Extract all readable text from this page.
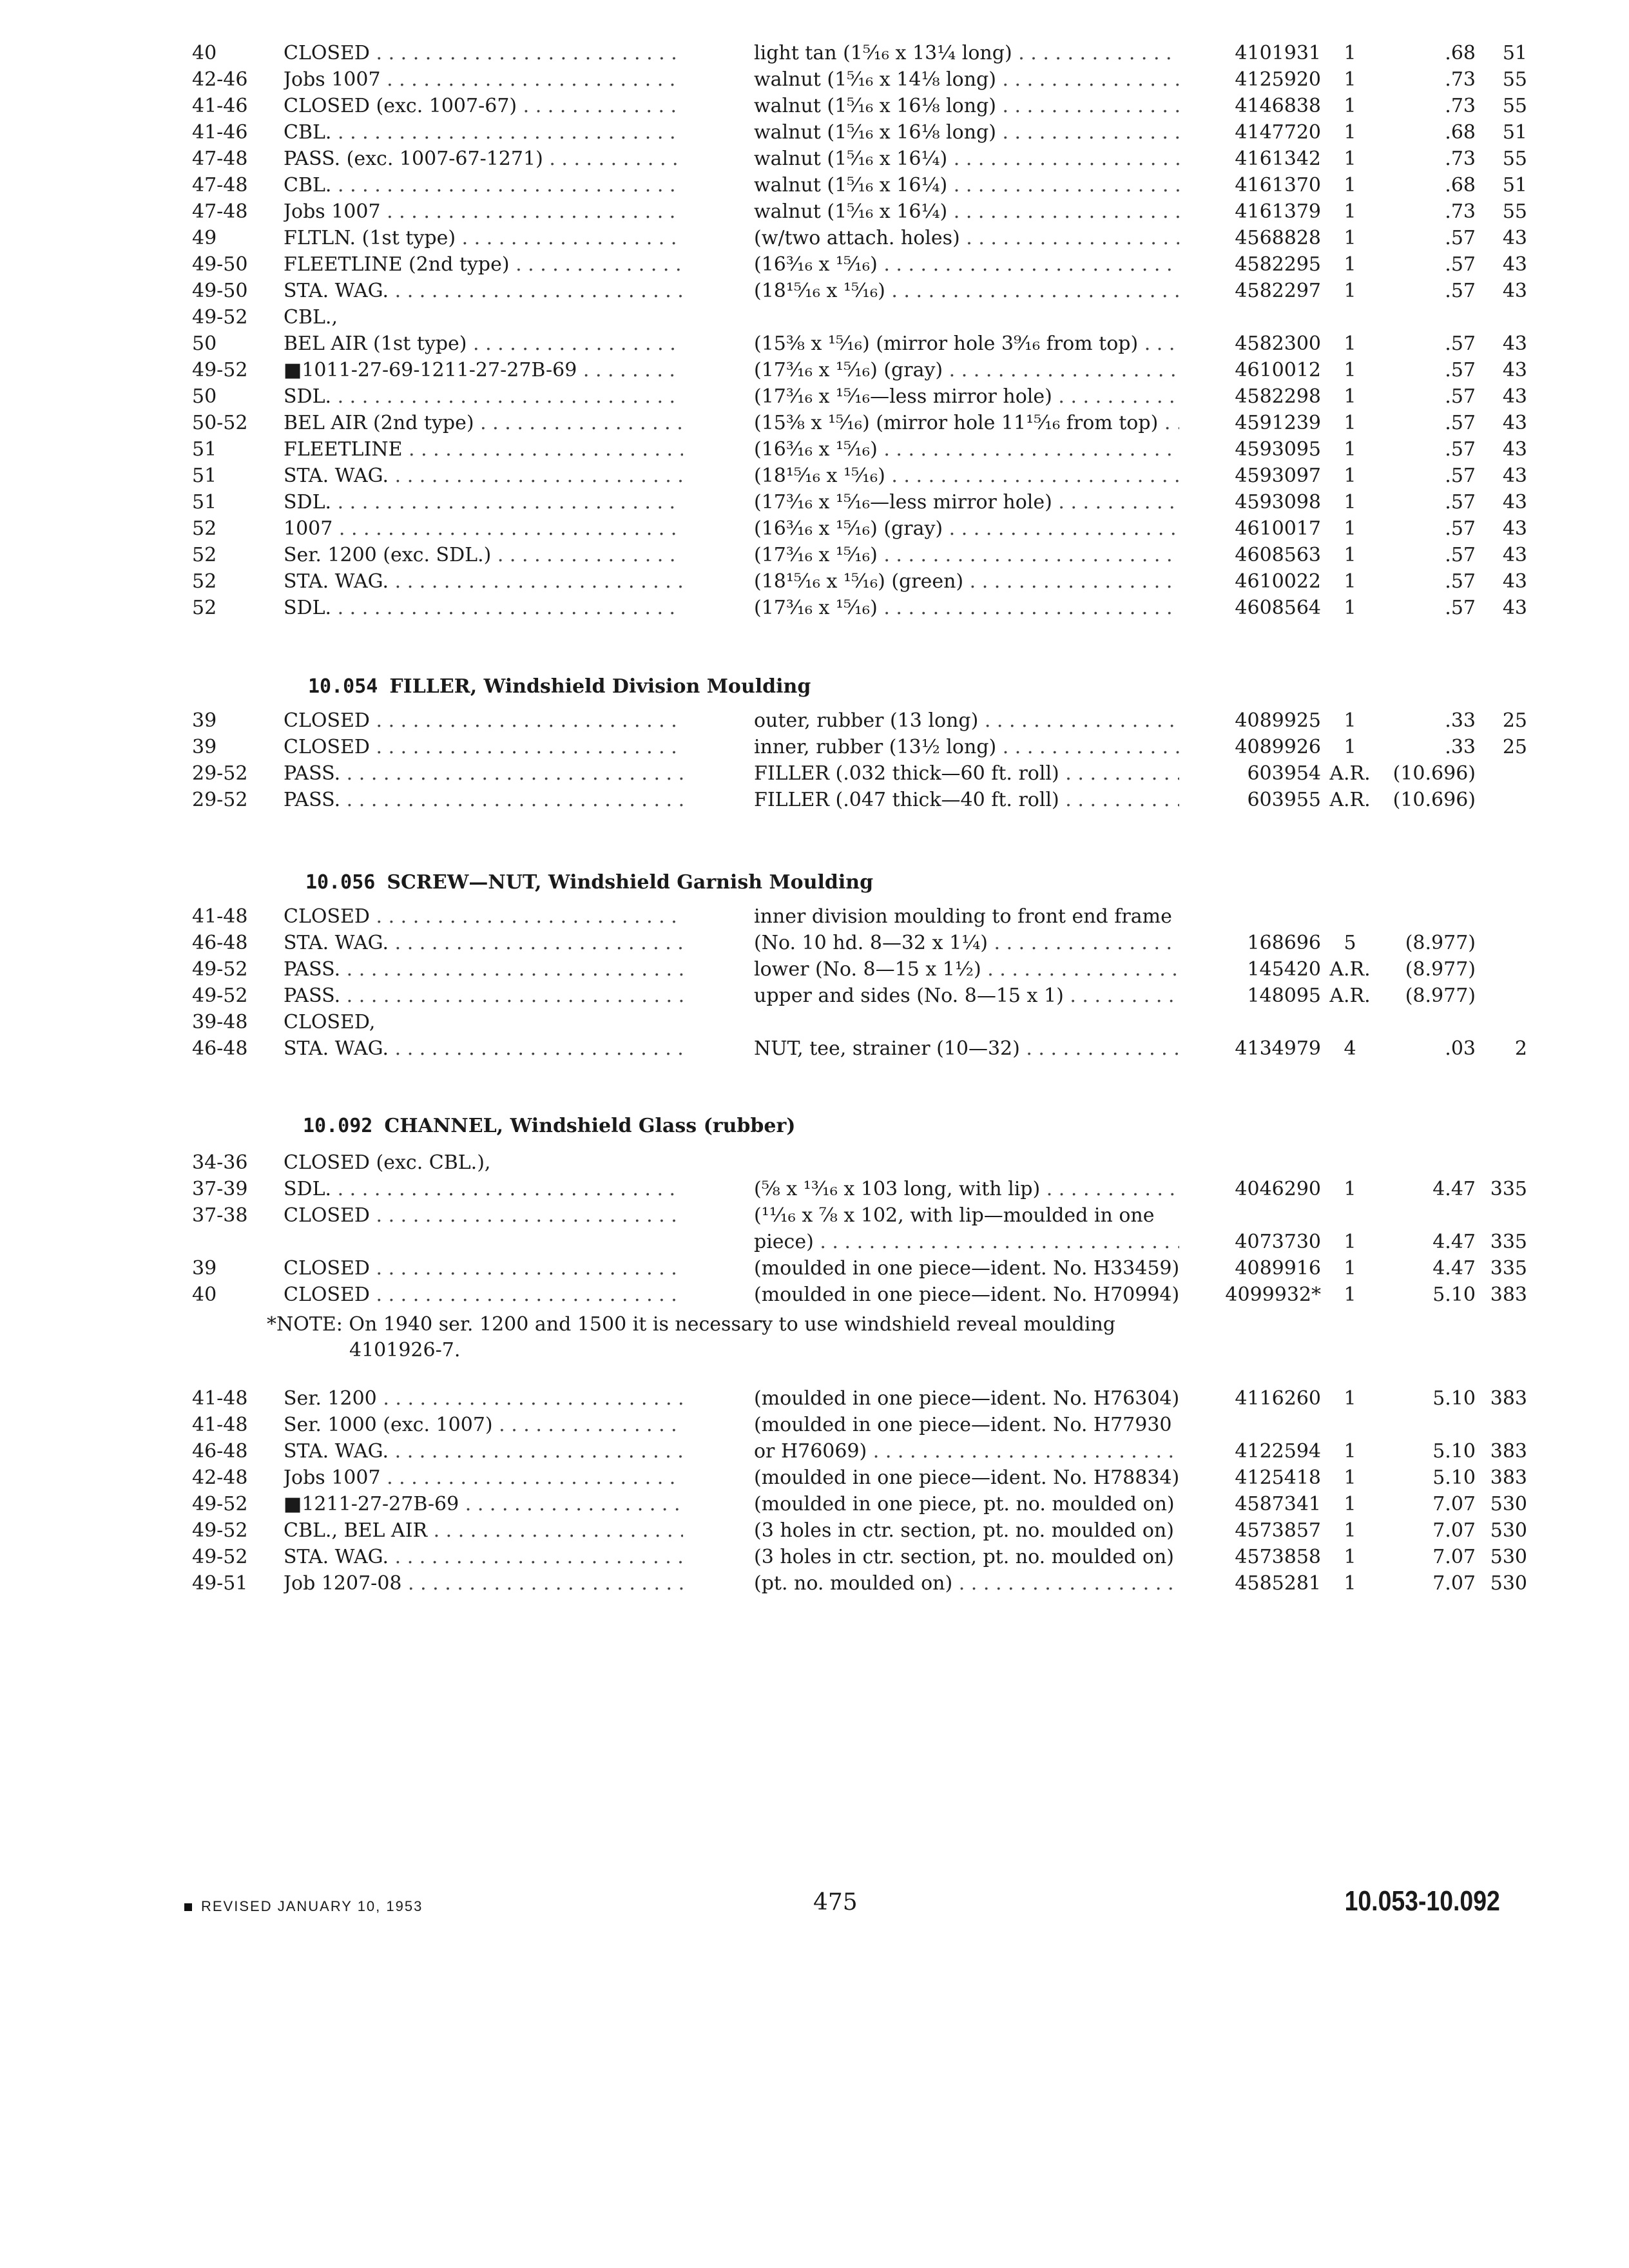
40	CLOSED . . .	light tan (1⁵⁄₁₆ x 13¼ long) . . .	4101931	1	.68	51
42-46	Jobs 1007 . . .	walnut (1⁵⁄₁₆ x 14⅛ long) . . .	4125920	1	.73	55
41-46	CLOSED (exc. 1007-67) . . .	walnut (1⁵⁄₁₆ x 16⅛ long) . . .	4146838	1	.73	55
41-46	CBL. . . .	walnut (1⁵⁄₁₆ x 16⅛ long) . . .	4147720	1	.68	51
47-48	PASS. (exc. 1007-67-1271) . . .	walnut (1⁵⁄₁₆ x 16¼) . . .	4161342	1	.73	55
47-48	CBL. . . .	walnut (1⁵⁄₁₆ x 16¼) . . .	4161370	1	.68	51
47-48	Jobs 1007 . . .	walnut (1⁵⁄₁₆ x 16¼) . . .	4161379	1	.73	55
49	FLTLN. (1st type) . . .	(w/two attach. holes) . . .	4568828	1	.57	43
49-50	FLEETLINE (2nd type) . . .	(16³⁄₁₆ x ¹⁵⁄₁₆) . . .	4582295	1	.57	43
49-50	STA. WAG. . . .	(18¹⁵⁄₁₆ x ¹⁵⁄₁₆) . . .	4582297	1	.57	43
49-52	CBL.,
50	BEL AIR (1st type) . . .	(15⅜ x ¹⁵⁄₁₆) (mirror hole 3⁹⁄₁₆ from top) . . .	4582300	1	.57	43
49-52	■1011-27-69-1211-27-27B-69 . . .	(17³⁄₁₆ x ¹⁵⁄₁₆) (gray) . . .	4610012	1	.57	43
50	SDL. . . .	(17³⁄₁₆ x ¹⁵⁄₁₆—less mirror hole) . . .	4582298	1	.57	43
50-52	BEL AIR (2nd type) . . .	(15⅜ x ¹⁵⁄₁₆) (mirror hole 11¹⁵⁄₁₆ from top) . . .	4591239	1	.57	43
51	FLEETLINE . . .	(16³⁄₁₆ x ¹⁵⁄₁₆) . . .	4593095	1	.57	43
51	STA. WAG. . . .	(18¹⁵⁄₁₆ x ¹⁵⁄₁₆) . . .	4593097	1	.57	43
51	SDL. . . .	(17³⁄₁₆ x ¹⁵⁄₁₆—less mirror hole) . . .	4593098	1	.57	43
52	1007 . . .	(16³⁄₁₆ x ¹⁵⁄₁₆) (gray) . . .	4610017	1	.57	43
52	Ser. 1200 (exc. SDL.) . . .	(17³⁄₁₆ x ¹⁵⁄₁₆) . . .	4608563	1	.57	43
52	STA. WAG. . . .	(18¹⁵⁄₁₆ x ¹⁵⁄₁₆) (green) . . .	4610022	1	.57	43
52	SDL. . . .	(17³⁄₁₆ x ¹⁵⁄₁₆) . . .	4608564	1	.57	43
10.054 FILLER, Windshield Division Moulding
39	CLOSED . . .	outer, rubber (13 long) . . .	4089925	1	.33	25
39	CLOSED . . .	inner, rubber (13½ long) . . .	4089926	1	.33	25
29-52	PASS. . . .	FILLER (.032 thick—60 ft. roll) . . .	603954 A.R.	(10.696)
29-52	PASS. . . .	FILLER (.047 thick—40 ft. roll) . . .	603955 A.R.	(10.696)
10.056 SCREW—NUT, Windshield Garnish Moulding
41-48	CLOSED . . .	inner division moulding to front end frame
46-48	STA. WAG. . . .	(No. 10 hd. 8—32 x 1¼) . . .	168696	5	(8.977)
49-52	PASS. . . .	lower (No. 8—15 x 1½) . . .	145420 A.R.	(8.977)
49-52	PASS. . . .	upper and sides (No. 8—15 x 1) . . .	148095 A.R.	(8.977)
39-48	CLOSED,
46-48	STA. WAG. . . .	NUT, tee, strainer (10—32) . . .	4134979	4	.03	2
10.092 CHANNEL, Windshield Glass (rubber)
34-36	CLOSED (exc. CBL.),
37-39	SDL. . . .	(⁵⁄₈ x ¹³⁄₁₆ x 103 long, with lip) . . .	4046290	1	4.47 335
37-38	CLOSED . . .	(¹¹⁄₁₆ x ⅞ x 102, with lip—moulded in one
piece) . . .	4073730	1	4.47 335
39	CLOSED . . .	(moulded in one piece—ident. No. H33459) . . .	4089916	1	4.47 335
40	CLOSED . . .	(moulded in one piece—ident. No. H70994) . . .	4099932*	1	5.10 383
*NOTE: On 1940 ser. 1200 and 1500 it is necessary to use windshield reveal moulding
4101926-7.
41-48	Ser. 1200 . . .	(moulded in one piece—ident. No. H76304) . . .	4116260	1	5.10 383
41-48	Ser. 1000 (exc. 1007) . . .	(moulded in one piece—ident. No. H77930
46-48	STA. WAG. . . .	or H76069) . . .	4122594	1	5.10 383
42-48	Jobs 1007 . . .	(moulded in one piece—ident. No. H78834) . . .	4125418	1	5.10 383
49-52	■1211-27-27B-69 . . .	(moulded in one piece, pt. no. moulded on) . . .	4587341	1	7.07 530
49-52	CBL., BEL AIR . . .	(3 holes in ctr. section, pt. no. moulded on) . . .	4573857	1	7.07 530
49-52	STA. WAG. . . .	(3 holes in ctr. section, pt. no. moulded on) . . .	4573858	1	7.07 530
49-51	Job 1207-08 . . .	(pt. no. moulded on) . . .	4585281	1	7.07 530
REVISED JANUARY 10, 1953	475	10.053-10.092
